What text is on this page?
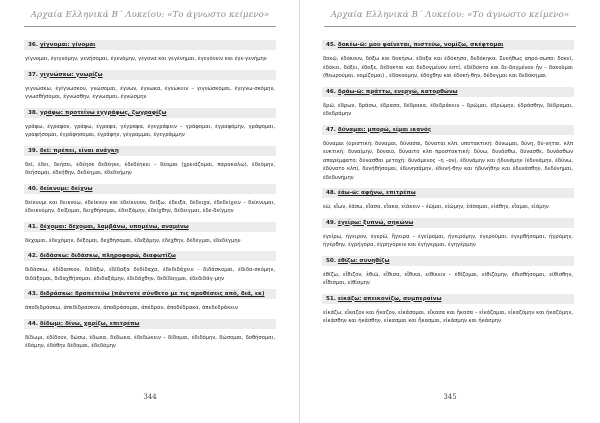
Αρχαία Ελληνικά Β΄ Λυκείου: «Το άγνωστο κείμενο»
36. γίγνομαι: γίνομαι

γίγνομαι, έγιγνόμην, γενήσομαι, έγενόμην, γέγονα και γεγένημαι, έγεγόνειν και έγε-γενήμην

37. γιγνώσκω: γνωρίζω

γιγνώσκω, έγίγνωσκον, γνώσομαι, έγνων, έγνωκα, έγνώκειν – γιγνώσκομαι, έγιγνω-σκόμην, γνωσθήσομαι, έγνώσθην, έγνωσμαι, έγνώσμην

38. γράφω: προτείνω εγγράφως, ζωγραφίζω

γράφω, έγραφον, γράψω, έγραψα, γέγραφα, έγεγράφειν – γράφομαι, έγραφόμην, γράψομαι, γραφήσομαι, έγράφησομαι, έγράφην, γέγραμμαι, έγεγράμμην

39. δεῖ: πρέπει, είναι ανάγκη

δεῖ, έδει, δεήσει, έδέησε δεδέηκε, έδεδέηκει – δέομαι (χρειάζομαι, παρακαλώ), έδεόμην, δεήσομαι, έδεήθην, δεδέημαι, έδεδεήμην

40. δείκνυμι: δείχνω

δείκνυμι και δεικνύω, έδείκνυν και έδείκνυον, δείξω, έδειξα, δέδειχα, έδεδείχειν – δείκνυμαι, έδεικνύμην, δείξομαι, δειχθήσομαι, έδειξάμην, έδείχθην, δέδειγμαι, έδε-δείγμην

41. δέχομαι: δέχομαι, λαμβάνω, υπομένω, αναμένω

δέχομαι, έδεχόμην, δέξομαι, δεχθήσομαι, έδεξάμην, έδέχθην, δέδεγμαι, έδεδέγμην

42. διδάσκω: διδάσκω, πληροφορώ, διαφωτίζω

διδάσκω, έδίδασκον, διδάξω, έδίδαξα δεδίδαχα, έδεδιδάχειν - διδάσκομαι, έδιδα-σκόμην, διδάξομαι, διδαχθήσομαι, έδιδαξάμην, έδιδάχθην, δεδίδαγμαι, έδεδιδάγ-μην

43. διδράσκω: δραπετεύω (πάντοτε σύνθετο με τις προθέσεις από, διά, εκ)

άποδιδράσκω, άπεδίδρασκον, άποδράσομαι, άπέδραν, άποδέδρακα, άπεδεδράκειν

44. δίδωμι: δίνω, χαρίζω, επιτρέπω

δίδωμι, έδίδουν, δώσω, έδωκα, δέδωκα, έδεδώκειν – δίδομαι, έδιδόμην, δώσομαι, δοθήσομαι, έδόμην, έδόθην δέδομαι, έδεδόμην

344
Αρχαία Ελληνικά Β΄ Λυκείου: «Το άγνωστο κείμενο»
45. δοκέω-ῶ: μου φαίνεται, πιστεύω, νομίζω, σκέφτομαι

δοκῶ, έδόκουν, δόξω και δοκήσω, έδοξα και έδόκησα, δεδόκηκα. Συνήθως απρό-σωπο: δοκεῖ, έδόκει, δόξει, έδοξε, δέδοκται και δεδογμένον έστί, έδέδοκτο και δε-δογμένον ἦν – δοκοῦμαι (θεωρούμαι, νομίζομαι) , έδοκούμην, έδόχθην και έδοκή-θην, δέδογμαι και δεδόκημαι.

46. δράω-ῶ: πράττω, ενεργώ, κατορθώνω

δρῶ, έδρων, δράσω, έδρασα, δέδρακα, έδεδράκειν – δρῶμαι, έδρώμην, έδράσθην, δέδραμαι, έδεδράμην

47. δύναμαι: μπορώ, είμαι ικανός

δύναμαι (οριστική: δύναμαι, δύνασαι, δύναται κλπ, υποτακτική: δύνωμαι, δύνη, δύ-νηται. κλπ ευκτική: δυναίμην, δύναιο, δύναιτο κλπ προστακτική: δύνω, δυνάσθω, δύνασθε, δυνάσθων απαρέμφατο: δύνασθαι μετοχή: δυνάμενος –η –ον), έδυνάμην και ήδυνάμην (έδυνάμην, έδύνω, έδύνατο κλπ), δυνήθήσομαι, έδυνησάμην, έδυνή-θην και ήδυνήθην και έδυνάσθην, δεδύνημαι, έδεδυνήμην

48. έάω-ῶ: αφήνω, επιτρέπω

εῶ, εἴων, ἐάσω, εἴασα, εἴακα, εἰάκειν – ἐῶμαι, εἰώμην, ἐάσομαι, εἰάθην, εἴαμαι, εἰάμην

49. έγείρω: ξυπνώ, σηκώνω

έγείρω, ήγειρον, έγερῶ, ἤγειρα – έγείρομαι, ήγειρόμην, έγεροῦμαι, έγερθήσομαι, ήγρόμην, ήγέρθην, έγρήγορα, έγρηγόρειν και έγήγερμαι, έγηγέρμην

50. έθίζω: συνηθίζω

έθίζω, εἴθιζον, ἐθιῶ, εἴθισα, εἴθικα, είθίκειν – έθίζομαι, είθιζόμην, έθισθήσομαι, είθίσθην, εἴθισμαι, είθίσμην

51. εἰκάζω: απεικονίζω, συμπεραίνω

εἰκάζω, εἴκαζον και ἤκαζον, εἰκάσομαι, εἴκασα και ἤκασα – εἰκάζομαι, εἰκαζόμην και ἠκαζόμην, εἰκάσθην και ἠκάσθην, εἰκασμαι και ἤκασμαι, εἰκάσμην και ἠκάσμην

345
